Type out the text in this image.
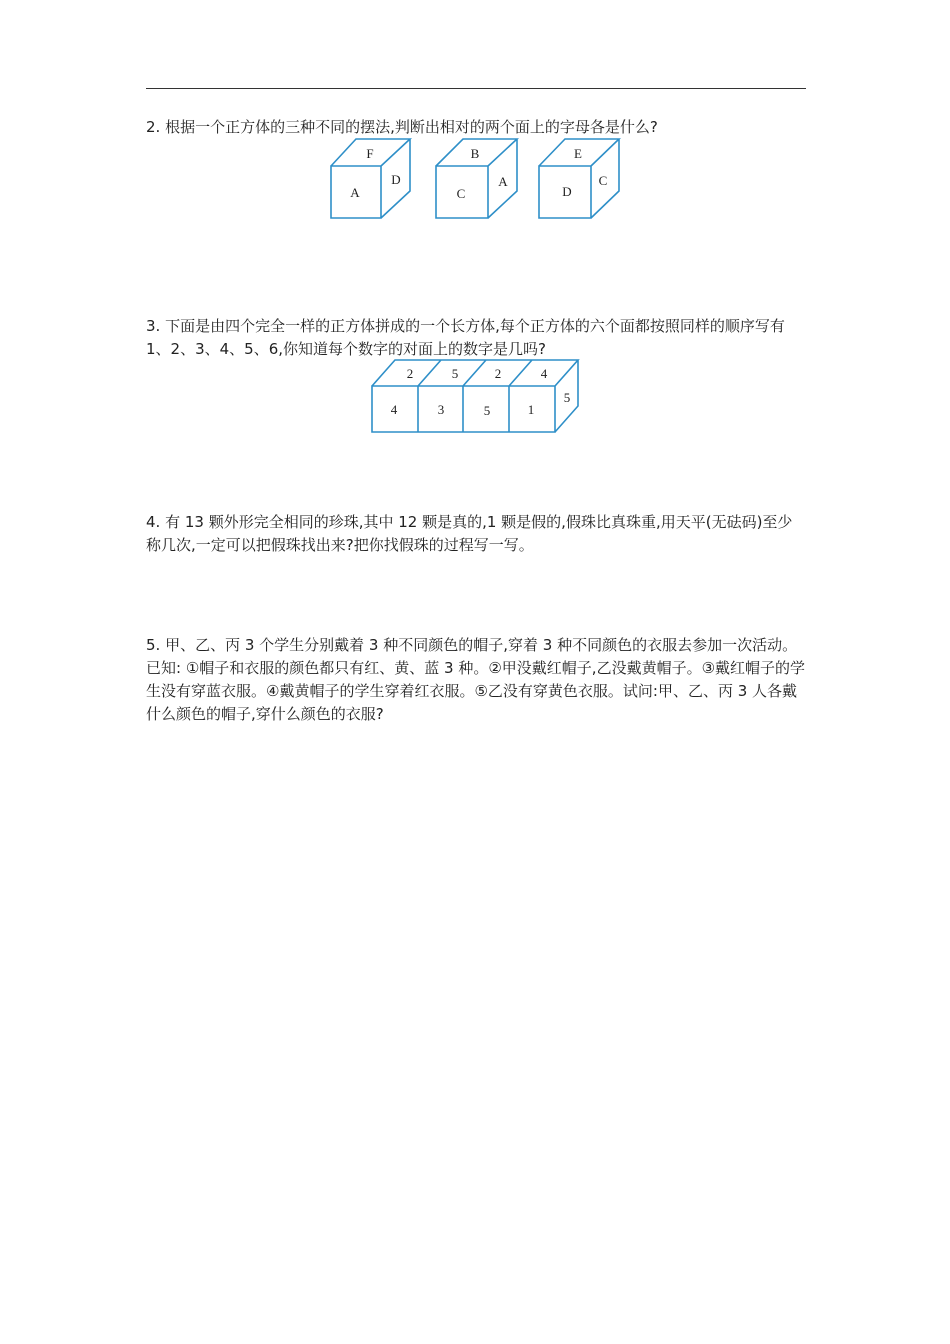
2. 根据一个正方体的三种不同的摆法,判断出相对的两个面上的字母各是什么?

F
A
D
B
C
A
E
D
C
2	5	2	4
4	3	5	1
5

3. 下面是由四个完全一样的正方体拼成的一个长方体,每个正方体的六个面都按照同样的顺序写有 1、2、3、4、5、6,你知道每个数字的对面上的数字是几吗?

4. 有 13 颗外形完全相同的珍珠,其中 12 颗是真的,1 颗是假的,假珠比真珠重,用天平(无砝码)至少称几次,一定可以把假珠找出来?把你找假珠的过程写一写。

5. 甲、乙、丙 3 个学生分别戴着 3 种不同颜色的帽子,穿着 3 种不同颜色的衣服去参加一次活动。已知: ①帽子和衣服的颜色都只有红、黄、蓝 3 种。②甲没戴红帽子,乙没戴黄帽子。③戴红帽子的学生没有穿蓝衣服。④戴黄帽子的学生穿着红衣服。⑤乙没有穿黄色衣服。试问:甲、乙、丙 3 人各戴什么颜色的帽子,穿什么颜色的衣服?
